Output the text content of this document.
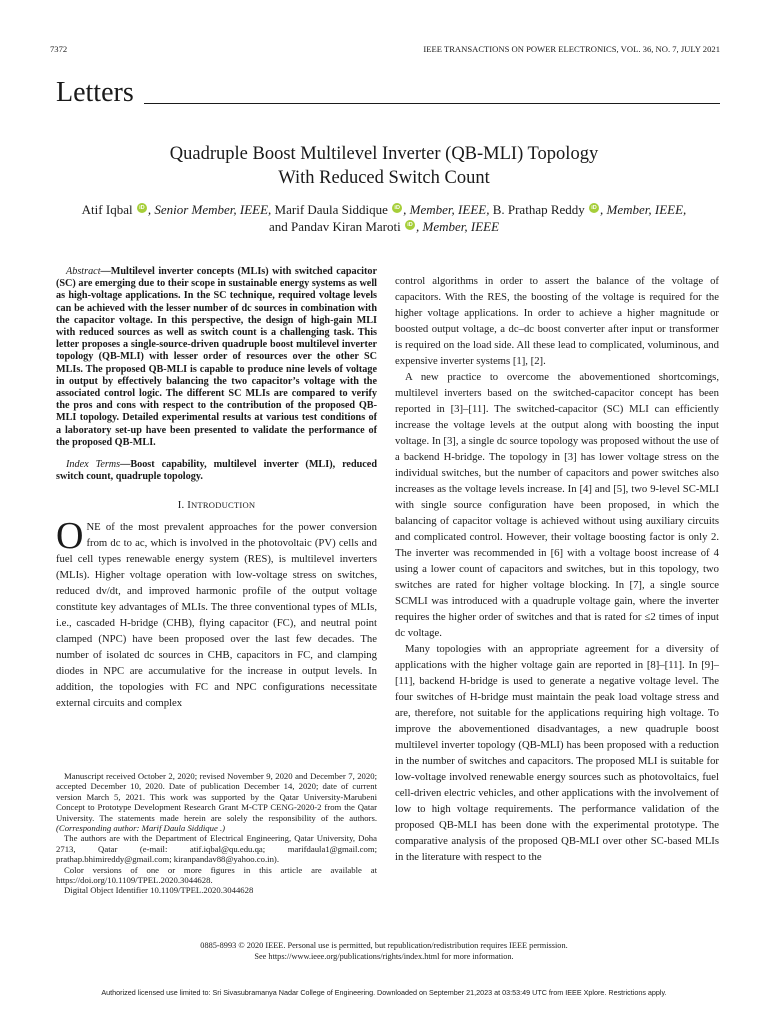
7372	IEEE TRANSACTIONS ON POWER ELECTRONICS, VOL. 36, NO. 7, JULY 2021
Letters
Quadruple Boost Multilevel Inverter (QB-MLI) Topology
With Reduced Switch Count
Atif Iqbal iD , Senior Member, IEEE, Marif Daula Siddique iD , Member, IEEE, B. Prathap Reddy iD , Member, IEEE,
and Pandav Kiran Maroti iD , Member, IEEE

Abstract—Multilevel inverter concepts (MLIs) with switched capacitor (SC) are emerging due to their scope in sustainable energy systems as well as high-voltage applications. In the SC technique, required voltage levels can be achieved with the lesser number of dc sources in combination with the capacitor voltage. In this perspective, the design of high-gain MLI with reduced sources as well as switch count is a challenging task. This letter proposes a single-source-driven quadruple boost multilevel inverter topology (QB-MLI) with lesser order of resources over the other SC MLIs. The proposed QB-MLI is capable to produce nine levels of voltage in output by effectively balancing the two capacitor’s voltage with the associated control logic. The different SC MLIs are compared to verify the pros and cons with respect to the contribution of the proposed QB-MLI topology. Detailed experimental results at various test conditions of a laboratory set-up have been presented to validate the performance of the proposed QB-MLI.

Index Terms—Boost capability, multilevel inverter (MLI), reduced switch count, quadruple topology.

I. INTRODUCTION

ONE of the most prevalent approaches for the power conversion from dc to ac, which is involved in the photovoltaic (PV) cells and fuel cell types renewable energy system (RES), is multilevel inverters (MLIs). Higher voltage operation with low-voltage stress on switches, reduced dv/dt, and improved harmonic profile of the output voltage constitute key advantages of MLIs. The three conventional types of MLIs, i.e., cascaded H-bridge (CHB), flying capacitor (FC), and neutral point clamped (NPC) have been proposed over the last few decades. The number of isolated dc sources in CHB, capacitors in FC, and clamping diodes in NPC are accumulative for the increase in output levels. In addition, the topologies with FC and NPC configurations necessitate external circuits and complex

Manuscript received October 2, 2020; revised November 9, 2020 and December 7, 2020; accepted December 10, 2020. Date of publication December 14, 2020; date of current version March 5, 2021. This work was supported by the Qatar University-Marubeni Concept to Prototype Development Research Grant M-CTP CENG-2020-2 from the Qatar University. The statements made herein are solely the responsibility of the authors. (Corresponding author: Marif Daula Siddique .)

The authors are with the Department of Electrical Engineering, Qatar University, Doha 2713, Qatar (e-mail: atif.iqbal@qu.edu.qa; marifdaula1@gmail.com; prathap.bhimireddy@gmail.com; kiranpandav88@yahoo.co.in).

Color versions of one or more figures in this article are available at https://doi.org/10.1109/TPEL.2020.3044628.

Digital Object Identifier 10.1109/TPEL.2020.3044628

control algorithms in order to assert the balance of the voltage of capacitors. With the RES, the boosting of the voltage is required for the higher voltage applications. In order to achieve a higher magnitude or boosted output voltage, a dc–dc boost converter after input or transformer is required on the load side. All these lead to complicated, voluminous, and expensive inverter systems [1], [2].

A new practice to overcome the abovementioned shortcomings, multilevel inverters based on the switched-capacitor concept has been reported in [3]–[11]. The switched-capacitor (SC) MLI can efficiently increase the voltage levels at the output along with boosting the input voltage. In [3], a single dc source topology was proposed without the use of a backend H-bridge. The topology in [3] has lower voltage stress on the individual switches, but the number of capacitors and power switches also increases as the voltage levels increase. In [4] and [5], two 9-level SC-MLI with single source configuration have been proposed, in which the balancing of capacitor voltage is achieved without using auxiliary circuits and complicated control. However, their voltage boosting factor is only 2. The inverter was recommended in [6] with a voltage boost increase of 4 using a lower count of capacitors and switches, but in this topology, two switches are rated for higher voltage blocking. In [7], a single source SCMLI was introduced with a quadruple voltage gain, where the inverter requires the higher order of switches and that is rated for ≤2 times of input dc voltage.

Many topologies with an appropriate agreement for a diversity of applications with the higher voltage gain are reported in [8]–[11]. In [9]–[11], backend H-bridge is used to generate a negative voltage level. The four switches of H-bridge must maintain the peak load voltage stress and are, therefore, not suitable for the applications requiring high voltage. To improve the abovementioned disadvantages, a new quadruple boost multilevel inverter topology (QB-MLI) has been proposed with a reduction in the number of switches and capacitors. The proposed MLI is suitable for low-voltage involved renewable energy sources such as photovoltaics, fuel cell-driven electric vehicles, and other applications with the involvement of low to high voltage requirements. The performance validation of the proposed QB-MLI has been done with the experimental prototype. The comparative analysis of the proposed QB-MLI over other SC-based MLIs in the literature with respect to the

0885-8993 © 2020 IEEE. Personal use is permitted, but republication/redistribution requires IEEE permission.
See https://www.ieee.org/publications/rights/index.html for more information.
Authorized licensed use limited to: Sri Sivasubramanya Nadar College of Engineering. Downloaded on September 21,2023 at 03:53:49 UTC from IEEE Xplore. Restrictions apply.
